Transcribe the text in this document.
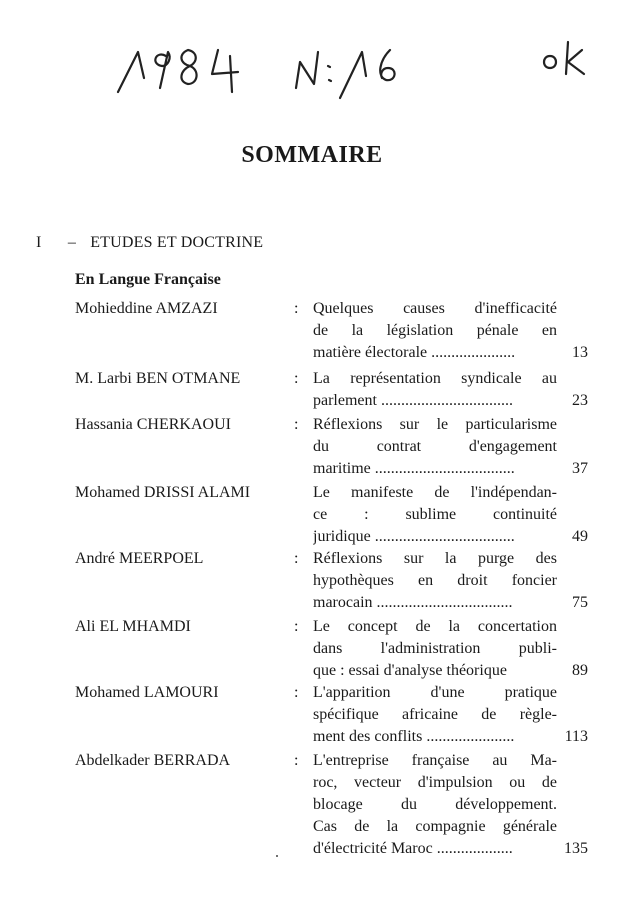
SOMMAIRE
I – ETUDES ET DOCTRINE
En Langue Française
Mohieddine AMZAZI	: Quelques causes d'inefficacité
de la législation pénale en
matière électorale .....................	13
M. Larbi BEN OTMANE	: La représentation syndicale au
parlement .................................	23
Hassania CHERKAOUI	: Réflexions sur le particularisme
du contrat d'engagement
maritime ...................................	37
Mohamed DRISSI ALAMI	Le manifeste de l'indépendan-
ce : sublime continuité
juridique ...................................	49
André MEERPOEL	: Réflexions sur la purge des
hypothèques en droit foncier
marocain ..................................	75
Ali EL MHAMDI	: Le concept de la concertation
dans l'administration publi-
que : essai d'analyse théorique	89
Mohamed LAMOURI	: L'apparition d'une pratique
spécifique africaine de règle-
ment des conflits ......................	113
Abdelkader BERRADA	: L'entreprise française au Ma-
roc, vecteur d'impulsion ou de
blocage du développement.
Cas de la compagnie générale
d'électricité Maroc ...................	135
